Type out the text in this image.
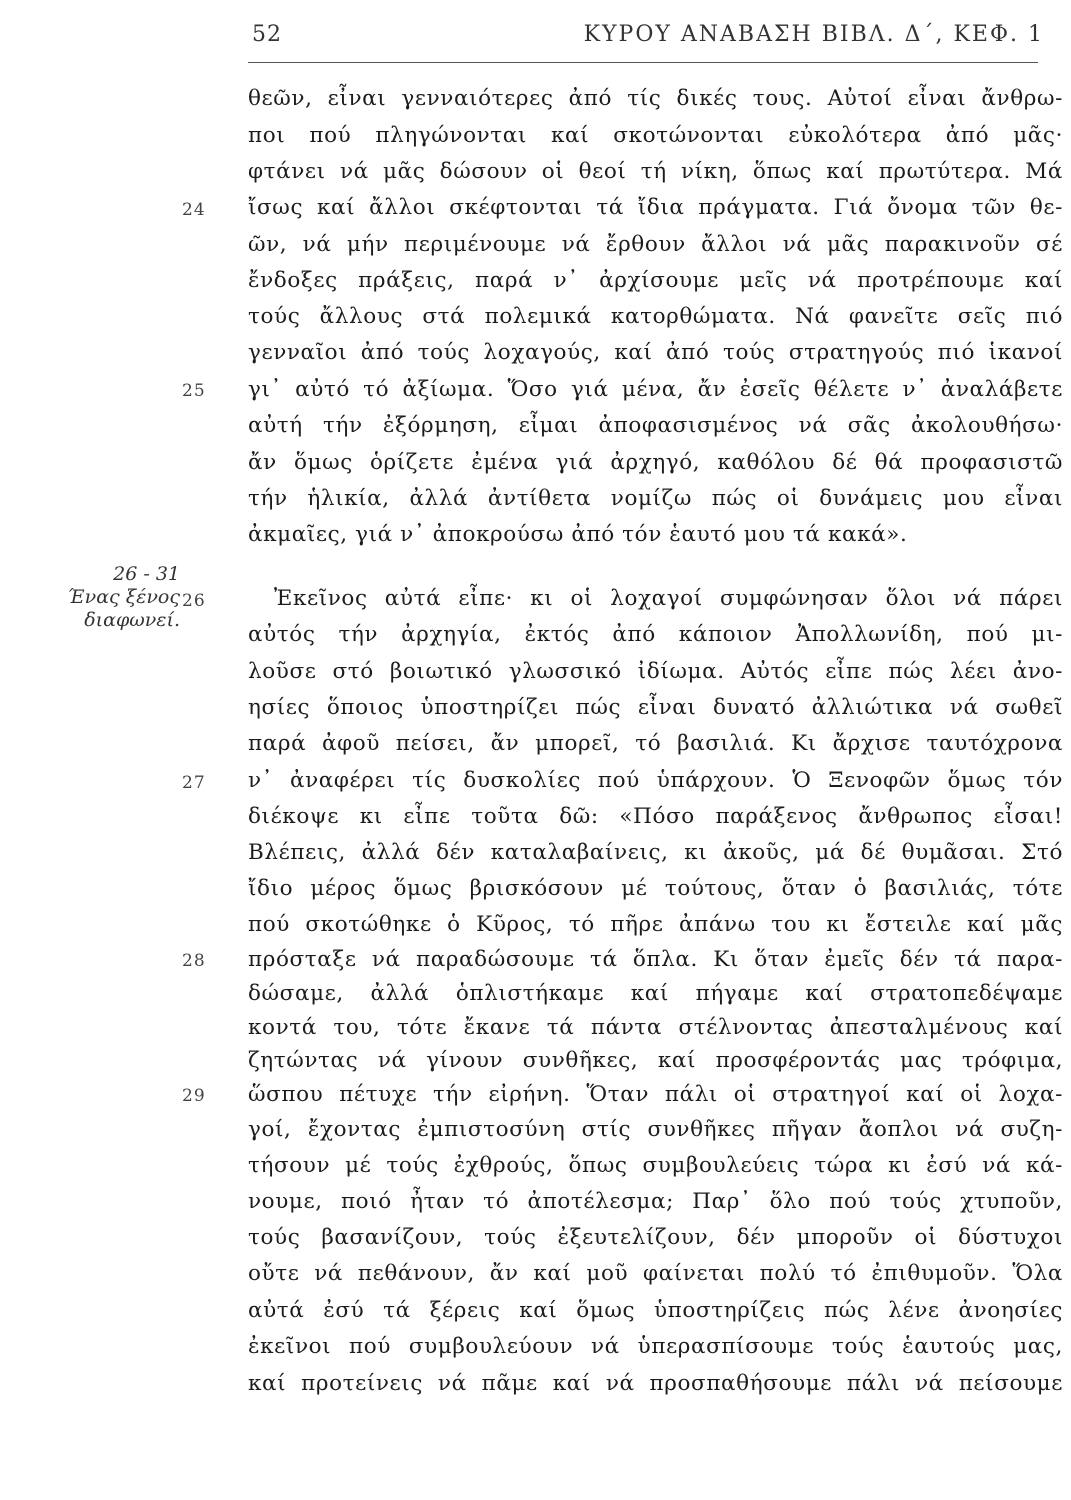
52	ΚΥΡΟΥ ΑΝΑΒΑΣΗ ΒΙΒΛ. Δ΄, ΚΕΦ. 1
26 - 31
Ένας ξένος
διαφωνεί.
24
25
26
27
28
29
θεῶν, εἶναι γενναιότερες ἀπό τίς δικές τους. Αὐτοί εἶναι ἄνθρω-
ποι πού πληγώνονται καί σκοτώνονται εὐκολότερα ἀπό μᾶς·
φτάνει νά μᾶς δώσουν οἱ θεοί τή νίκη, ὅπως καί πρωτύτερα. Μά
ἴσως καί ἄλλοι σκέφτονται τά ἴδια πράγματα. Γιά ὄνομα τῶν θε-
ῶν, νά μήν περιμένουμε νά ἔρθουν ἄλλοι νά μᾶς παρακινοῦν σέ
ἔνδοξες πράξεις, παρά ν᾽ ἀρχίσουμε μεῖς νά προτρέπουμε καί
τούς ἄλλους στά πολεμικά κατορθώματα. Νά φανεῖτε σεῖς πιό
γενναῖοι ἀπό τούς λοχαγούς, καί ἀπό τούς στρατηγούς πιό ἱκανοί
γι᾽ αὐτό τό ἀξίωμα. Ὅσο γιά μένα, ἄν ἐσεῖς θέλετε ν᾽ ἀναλάβετε
αὐτή τήν ἐξόρμηση, εἶμαι ἀποφασισμένος νά σᾶς ἀκολουθήσω·
ἄν ὅμως ὁρίζετε ἐμένα γιά ἀρχηγό, καθόλου δέ θά προφασιστῶ
τήν ἡλικία, ἀλλά ἀντίθετα νομίζω πώς οἱ δυνάμεις μου εἶναι
ἀκμαῖες, γιά ν᾽ ἀποκρούσω ἀπό τόν ἑαυτό μου τά κακά».
Ἐκεῖνος αὐτά εἶπε· κι οἱ λοχαγοί συμφώνησαν ὅλοι νά πάρει
αὐτός τήν ἀρχηγία, ἐκτός ἀπό κάποιον Ἀπολλωνίδη, πού μι-
λοῦσε στό βοιωτικό γλωσσικό ἰδίωμα. Αὐτός εἶπε πώς λέει ἀνο-
ησίες ὅποιος ὑποστηρίζει πώς εἶναι δυνατό ἀλλιώτικα νά σωθεῖ
παρά ἀφοῦ πείσει, ἄν μπορεῖ, τό βασιλιά. Κι ἄρχισε ταυτόχρονα
ν᾽ ἀναφέρει τίς δυσκολίες πού ὑπάρχουν. Ὁ Ξενοφῶν ὅμως τόν
διέκοψε κι εἶπε τοῦτα δῶ: «Πόσο παράξενος ἄνθρωπος εἶσαι!
Βλέπεις, ἀλλά δέν καταλαβαίνεις, κι ἀκοῦς, μά δέ θυμᾶσαι. Στό
ἴδιο μέρος ὅμως βρισκόσουν μέ τούτους, ὅταν ὁ βασιλιάς, τότε
πού σκοτώθηκε ὁ Κῦρος, τό πῆρε ἀπάνω του κι ἔστειλε καί μᾶς
πρόσταξε νά παραδώσουμε τά ὅπλα. Κι ὅταν ἐμεῖς δέν τά παρα-
δώσαμε, ἀλλά ὁπλιστήκαμε καί πήγαμε καί στρατοπεδέψαμε
κοντά του, τότε ἔκανε τά πάντα στέλνοντας ἀπεσταλμένους καί
ζητώντας νά γίνουν συνθῆκες, καί προσφέροντάς μας τρόφιμα,
ὥσπου πέτυχε τήν εἰρήνη. Ὅταν πάλι οἱ στρατηγοί καί οἱ λοχα-
γοί, ἔχοντας ἐμπιστοσύνη στίς συνθῆκες πῆγαν ἄοπλοι νά συζη-
τήσουν μέ τούς ἐχθρούς, ὅπως συμβουλεύεις τώρα κι ἐσύ νά κά-
νουμε, ποιό ἦταν τό ἀποτέλεσμα; Παρ᾽ ὅλο πού τούς χτυποῦν,
τούς βασανίζουν, τούς ἐξευτελίζουν, δέν μποροῦν οἱ δύστυχοι
οὔτε νά πεθάνουν, ἄν καί μοῦ φαίνεται πολύ τό ἐπιθυμοῦν. Ὅλα
αὐτά ἐσύ τά ξέρεις καί ὅμως ὑποστηρίζεις πώς λένε ἀνοησίες
ἐκεῖνοι πού συμβουλεύουν νά ὑπερασπίσουμε τούς ἑαυτούς μας,
καί προτείνεις νά πᾶμε καί νά προσπαθήσουμε πάλι νά πείσουμε
